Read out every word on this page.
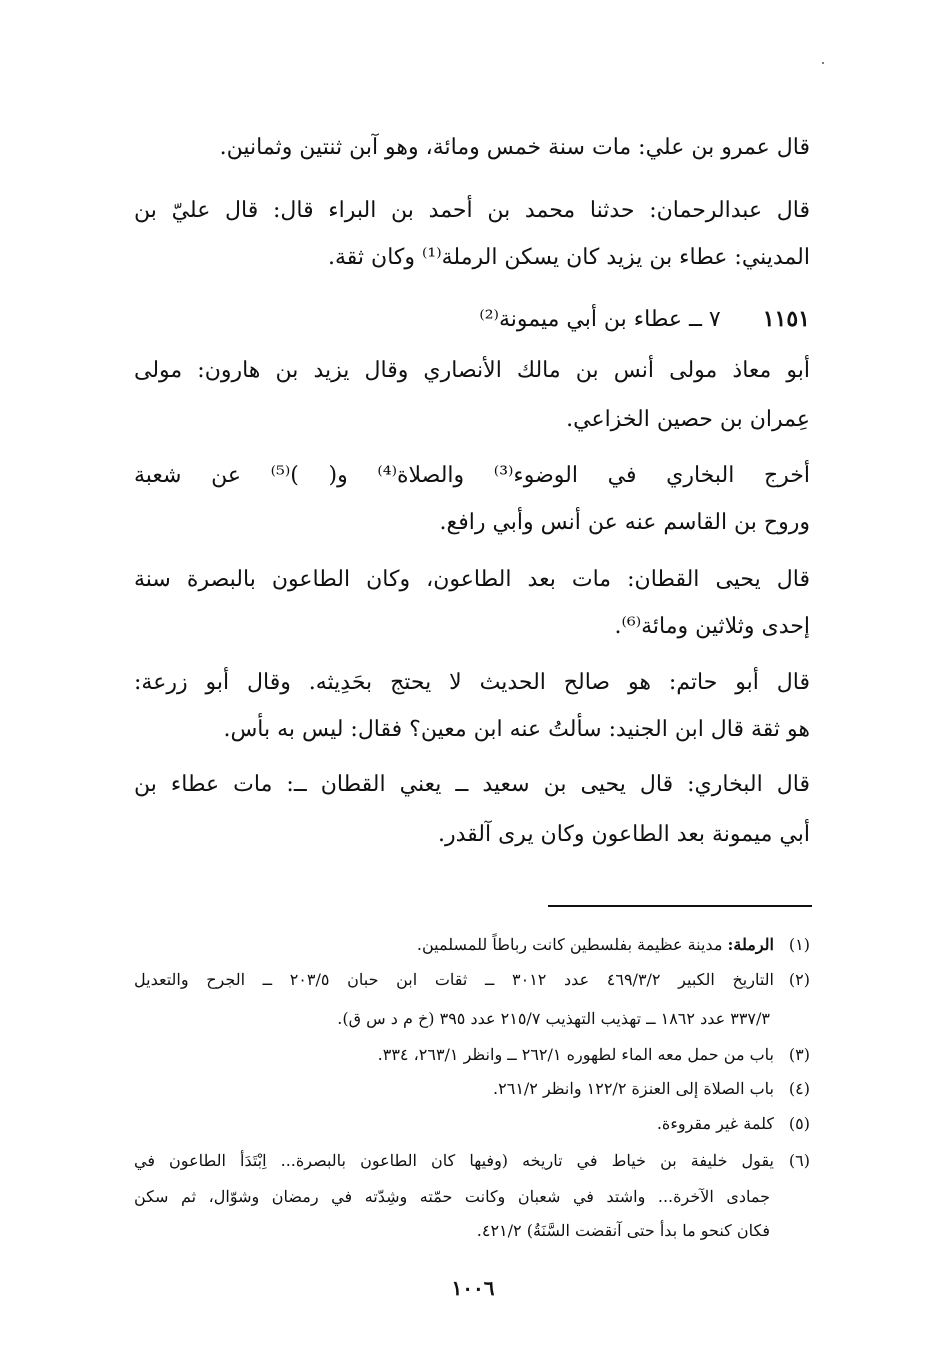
قال عمرو بن علي: مات سنة خمس ومائة، وهو آبن ثنتين وثمانين.
قال عبدالرحمان: حدثنا محمد بن أحمد بن البراء قال: قال عليّ بن
المديني: عطاء بن يزيد كان يسكن الرملة⁽¹⁾ وكان ثقة.
١١٥١٧ ــ عطاء بن أبي ميمونة⁽²⁾
أبو معاذ مولى أنس بن مالك الأنصاري وقال يزيد بن هارون: مولى
عِمران بن حصين الخزاعي.
أخرج البخاري في الوضوء⁽³⁾ والصلاة⁽⁴⁾ و( )⁽⁵⁾ عن شعبة
وروح بن القاسم عنه عن أنس وأبي رافع.
قال يحيى القطان: مات بعد الطاعون، وكان الطاعون بالبصرة سنة
إحدى وثلاثين ومائة⁽⁶⁾.
قال أبو حاتم: هو صالح الحديث لا يحتج بحَدِيثه. وقال أبو زرعة:
هو ثقة قال ابن الجنيد: سألتُ عنه ابن معين؟ فقال: ليس به بأس.
قال البخاري: قال يحيى بن سعيد ــ يعني القطان ــ: مات عطاء بن
أبي ميمونة بعد الطاعون وكان يرى آلقدر.
(١)الرملة: مدينة عظيمة بفلسطين كانت رباطاً للمسلمين.
(٢)التاريخ الكبير ٤٦٩/٣/٢ عدد ٣٠١٢ ــ ثقات ابن حبان ٢٠٣/٥ ــ الجرح والتعديل
٣٣٧/٣ عدد ١٨٦٢ ــ تهذيب التهذيب ٢١٥/٧ عدد ٣٩٥ (خ م د س ق).
(٣)باب من حمل معه الماء لطهوره ٢٦٢/١ ــ وانظر ٢٦٣/١، ٣٣٤.
(٤)باب الصلاة إلى العنزة ١٢٢/٢ وانظر ٢٦١/٢.
(٥)كلمة غير مقروءة.
(٦)يقول خليفة بن خياط في تاريخه (وفيها كان الطاعون بالبصرة... اِبْتَدَأ الطاعون في
جمادى الآخرة... واشتد في شعبان وكانت حمّته وشِدّته في رمضان وشوّال، ثم سكن
فكان كنحو ما بدأ حتى آنقضت السَّنَةُ) ٤٢١/٢.
١٠٠٦
